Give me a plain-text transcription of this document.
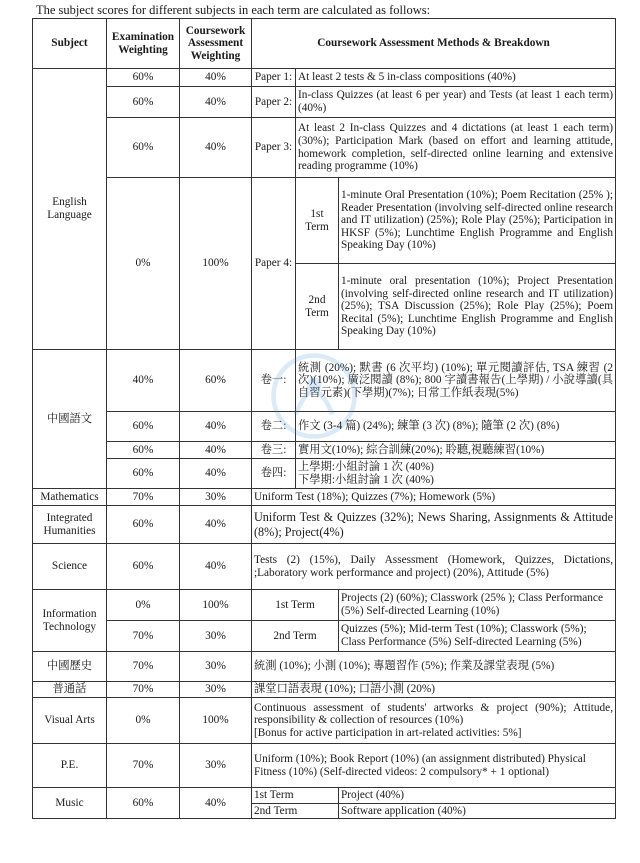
The subject scores for different subjects in each term are calculated as follows:
Subject	Examination Weighting	Coursework Assessment Weighting	Coursework Assessment Methods & Breakdown		
English Language	60%	40%	Paper 1:	At least 2 tests & 5 in-class compositions (40%)	
	60%	40%	Paper 2:	In-class Quizzes (at least 6 per year) and Tests (at least 1 each term) (40%)	
	60%	40%	Paper 3:	At least 2 In-class Quizzes and 4 dictations (at least 1 each term) (30%); Participation Mark (based on effort and learning attitude, homework completion, self-directed online learning and extensive reading programme (10%)	
	0%	100%	Paper 4:	1st Term	1-minute Oral Presentation (10%); Poem Recitation (25% ); Reader Presentation (involving self-directed online research and IT utilization) (25%); Role Play (25%); Participation in HKSF (5%); Lunchtime English Programme and English Speaking Day (10%)
				2nd Term	1-minute oral presentation (10%); Project Presentation (involving self-directed online research and IT utilization) (25%); TSA Discussion (25%); Role Play (25%); Poem Recital (5%); Lunchtime English Programme and English Speaking Day (10%)
中國語文	40%	60%	卷一:	統測 (20%); 默書 (6 次平均) (10%); 單元閱讀評估, TSA 練習 (2 次)(10%); 廣泛閱讀 (8%); 800 字讀書報告(上學期) / 小說導讀(具自習元素)(下學期)(7%); 日常工作紙表現(5%)	
	60%	40%	卷二:	作文 (3-4 篇) (24%); 練筆 (3 次) (8%); 隨筆 (2 次) (8%)	
	60%	40%	卷三:	實用文(10%); 綜合訓練(20%); 聆聽,視聽練習(10%)	
	60%	40%	卷四:	上學期:小組討論 1 次 (40%)
下學期:小組討論 1 次 (40%)	

Mathematics	70%	30%	Uniform Test (18%); Quizzes (7%); Homework (5%)		
Integrated Humanities	60%	40%	Uniform Test & Quizzes (32%); News Sharing, Assignments & Attitude (8%); Project(4%)		
Science	60%	40%	Tests (2) (15%), Daily Assessment (Homework, Quizzes, Dictations, ;Laboratory work performance and project) (20%), Attitude (5%)		
Information Technology	0%	100%	1st Term		Projects (2) (60%); Classwork (25% ); Class Performance (5%) Self-directed Learning (10%)
	70%	30%	2nd Term		Quizzes (5%); Mid-term Test (10%); Classwork (5%); Class Performance (5%) Self-directed Learning (5%)
中國歷史	70%	30%	統測 (10%); 小測 (10%); 專題習作 (5%); 作業及課堂表現 (5%)		
普通話	70%	30%	課堂口語表現 (10%); 口語小測 (20%)		
Visual Arts	0%	100%	Continuous assessment of students' artworks & project (90%); Attitude, responsibility & collection of resources (10%)
[Bonus for active participation in art-related activities: 5%]		

P.E.	70%	30%	Uniform (10%); Book Report (10%) (an assignment distributed) Physical Fitness (10%) (Self-directed videos: 2 compulsory* + 1 optional)		
Music	60%	40%	1st Term		Project (40%)
			2nd Term		Software application (40%)
